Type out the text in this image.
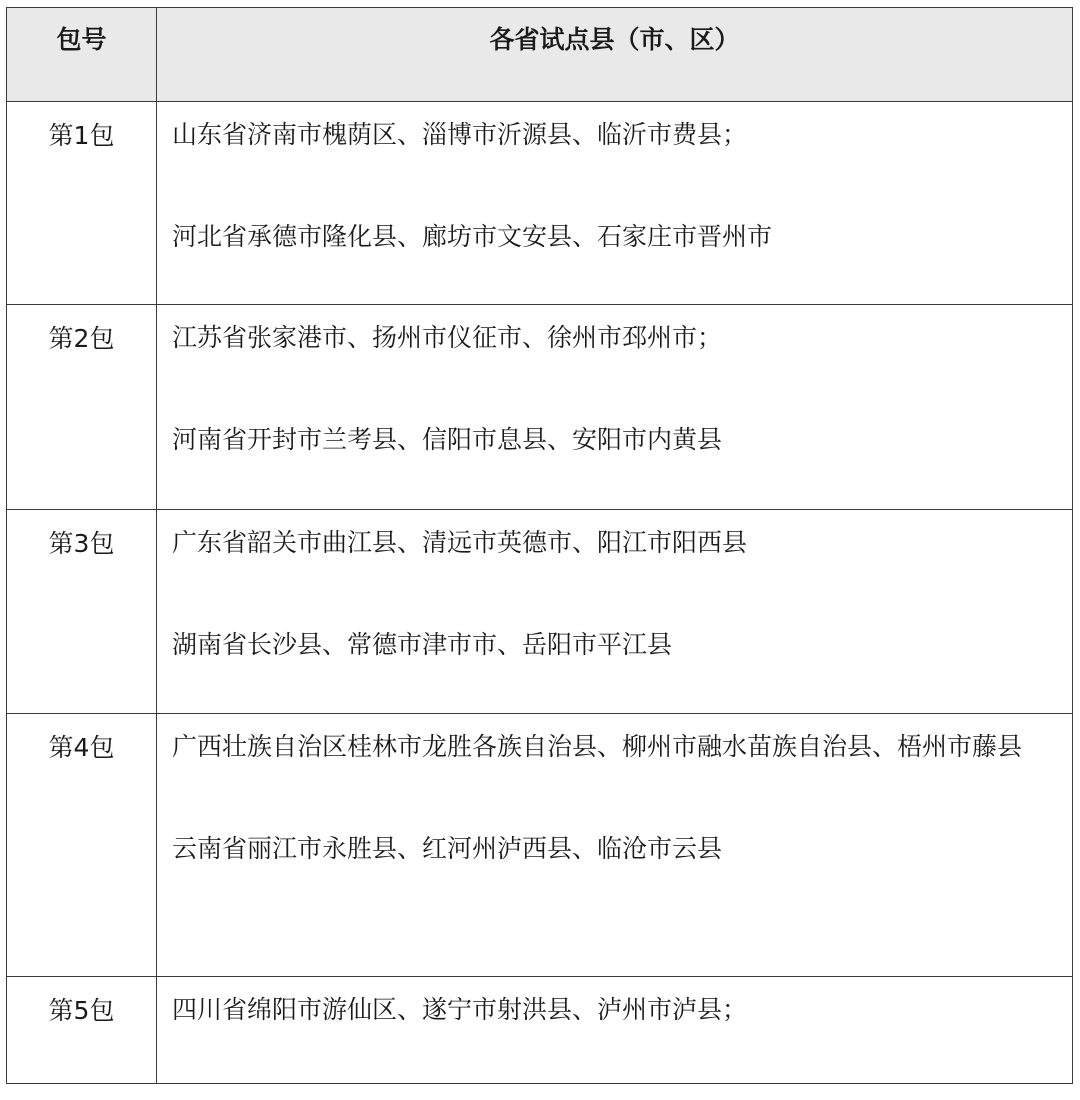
包号	各省试点县（市、区）

第1包	山东省济南市槐荫区、淄博市沂源县、临沂市费县；
河北省承德市隆化县、廊坊市文安县、石家庄市晋州市

第2包	江苏省张家港市、扬州市仪征市、徐州市邳州市；
河南省开封市兰考县、信阳市息县、安阳市内黄县

第3包	广东省韶关市曲江县、清远市英德市、阳江市阳西县
湖南省长沙县、常德市津市市、岳阳市平江县

第4包	广西壮族自治区桂林市龙胜各族自治县、柳州市融水苗族自治县、梧州市藤县
云南省丽江市永胜县、红河州泸西县、临沧市云县

第5包	四川省绵阳市游仙区、遂宁市射洪县、泸州市泸县；
